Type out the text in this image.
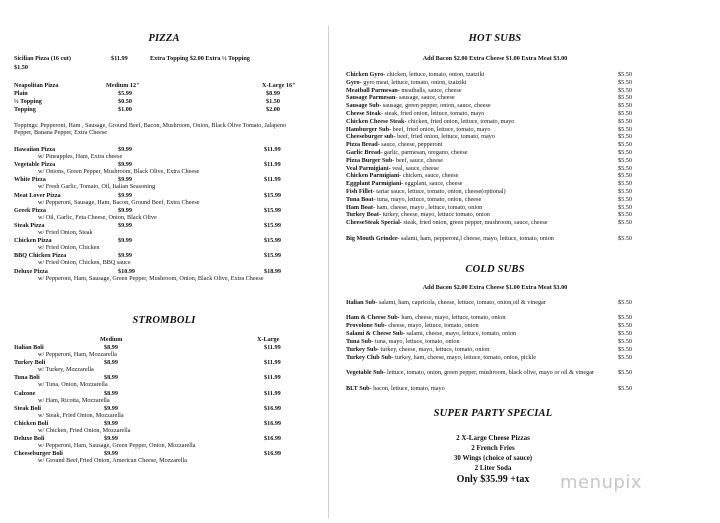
PIZZA
Sicilian Pizza (16 cut)	$11.99	Extra Topping $2.00 Extra ½ Topping
$1.50
Neapolitan Pizza	Medium 12"	X-Large 16"
Plain	$5.99	$8.99
½ Topping	$0.50	$1.50
Topping	$1.00	$2.00
Toppings: Pepperoni, Ham , Sausage, Ground Beef, Bacon, Mushroom, Onion, Black Olive Tomato, Jalapeno Pepper, Banana Pepper, Extra Cheese
Hawaiian Pizza	$9.99	$11.99
w/ Pineapples, Ham, Extra cheese
Vegetable Pizza	$9.99	$11.99
w/ Onions, Green Pepper, Mushroom, Black Olive, Extra Cheese
White Pizza	$9.99	$11.99
w/ Fresh Garlic, Tomato, Oil, Italian Seasoning
Meat Lover Pizza	$9.99	$15.99
w/ Pepperoni, Sausage, Ham, Bacon, Ground Beef, Extra Cheese
Greek Pizza	$9.99	$15.99
w/ Oil, Garlic, Feta Cheese, Onion, Black Olive
Steak Pizza	$9.99	$15.99
w/ Fried Onion, Steak
Chicken Pizza	$9.99	$15.99
w/ Fried Onion, Chicken
BBQ Chicken Pizza	$9.99	$15.99
w/ Fried Onion, Chicken, BBQ sauce
Deluxe Pizza	$10.99	$18.99
w/ Pepperoni, Ham, Sausage, Green Pepper, Mushroom, Onion, Black Olive, Extra Cheese
STROMBOLI
Medium	X-Large
Italian Boli	$8.99	$11.99
w/ Pepperoni, Ham, Mozzarella
Turkey Boli	$8.99	$11.99
w/ Turkey, Mozzarella
Tuna Boli	$8.99	$11.99
w/ Tuna, Onion, Mozzarella
Calzone	$8.99	$11.99
w/ Ham, Ricotta, Mozzarella
Steak Boli	$9.99	$16.99
w/ Steak, Fried Onion, Mozzarella
Chicken Boli	$9.99	$16.99
w/ Chicken, Fried Onion, Mozzarella
Deluxe Boli	$9.99	$16.99
w/ Pepperoni, Ham, Sausage, Green Pepper, Onion, Mozzarella
Cheeseburger Boli	$9.99	$16.99
w/ Ground Beef,Fried Onion, American Cheese, Mozzarella
HOT SUBS
Add Bacon $2.00 Extra Cheese $1.00 Extra Meat $3.00
Chicken Gyro- chicken, lettuce, tomato, onion, tzatziki	$5.50
Gyro- gyro meat, lettuce, tomato, onion, tzatziki	$5.50
Meatball Parmesan- meatballs, sauce, cheese	$5.50
Sausage Parmesan- sausage, sauce, cheese	$5.50
Sausage Sub- sausage, green pepper, onion, sauce, cheese	$5.50
Cheese Steak- steak, fried onion, lettuce, tomato, mayo	$5.50
Chicken Cheese Steak- chicken, fried onion, lettuce, tomato, mayo	$5.50
Hamburger Sub- beef, fried onion, lettuce, tomato, mayo	$5.50
Cheeseburger sub- beef, fried onion, lettuce, tomato, mayo	$5.50
Pizza Bread- sauce, cheese, pepperoni	$5.50
Garlic Bread- garlic, parmesan, oregano, cheese	$5.50
Pizza Burger Sub- beef, sauce, cheese	$5.50
Veal Parmigiani- veal, sauce, cheese	$5.50
Chicken Parmigiani- chicken, sauce, cheese	$5.50
Eggplant Parmigiani- eggplant, sauce, cheese	$5.50
Fish Fillet- tartar sauce, lettuce, tomato, onion, cheese(optional)	$5.50
Tuna Boat- tuna, mayo, lettuce, tomato, onion, cheese	$5.50
Ham Boat- ham, cheese, mayo , lettuce, tomato, onion	$5.50
Turkey Boat- turkey, cheese, mayo, lettuce tomato, onion	$5.50
CheeseSteak Special- steak, fried onion, green pepper, mushroom, sauce, cheese	$5.50
Big Mouth Grinder- salami, ham, pepperoni,l cheese, mayo, lettuce, tomato, onion	$5.50
COLD SUBS
Add Bacon $2.00 Extra Cheese $1.00 Extra Meat $3.00
Italian Sub- salami, ham, capricola, cheese, lettuce, tomato, onion,oil & vinegar	$5.50
Ham & Cheese Sub- ham, cheese, mayo, lettuce, tomato, onion	$5.50
Provolone Sub- cheese, mayo, lettuce, tomato, onion	$5.50
Salami & Cheese Sub- salami, cheese, mayo, lettuce, tomato, onion	$5.50
Tuna Sub- tuna, mayo, lettuce, tomato, onion	$5.50
Turkey Sub- turkey, cheese, mayo, lettuce, tomato, onion	$5.50
Turkey Club Sub- turkey, ham, cheese, mayo, lettuce, tomato, onion, pickle	$5.50
Vegetable Sub- lettuce, tomato, onion, green pepper, mushroom, black olive, mayo or oil & vinegar	$5.50
BLT Sub- bacon, lettuce, tomato, mayo	$5.50
SUPER PARTY SPECIAL
2 X-Large Cheese Pizzas
2 French Fries
30 Wings (choice of sauce)
2 Liter Soda
Only $35.99 +tax	menupix
